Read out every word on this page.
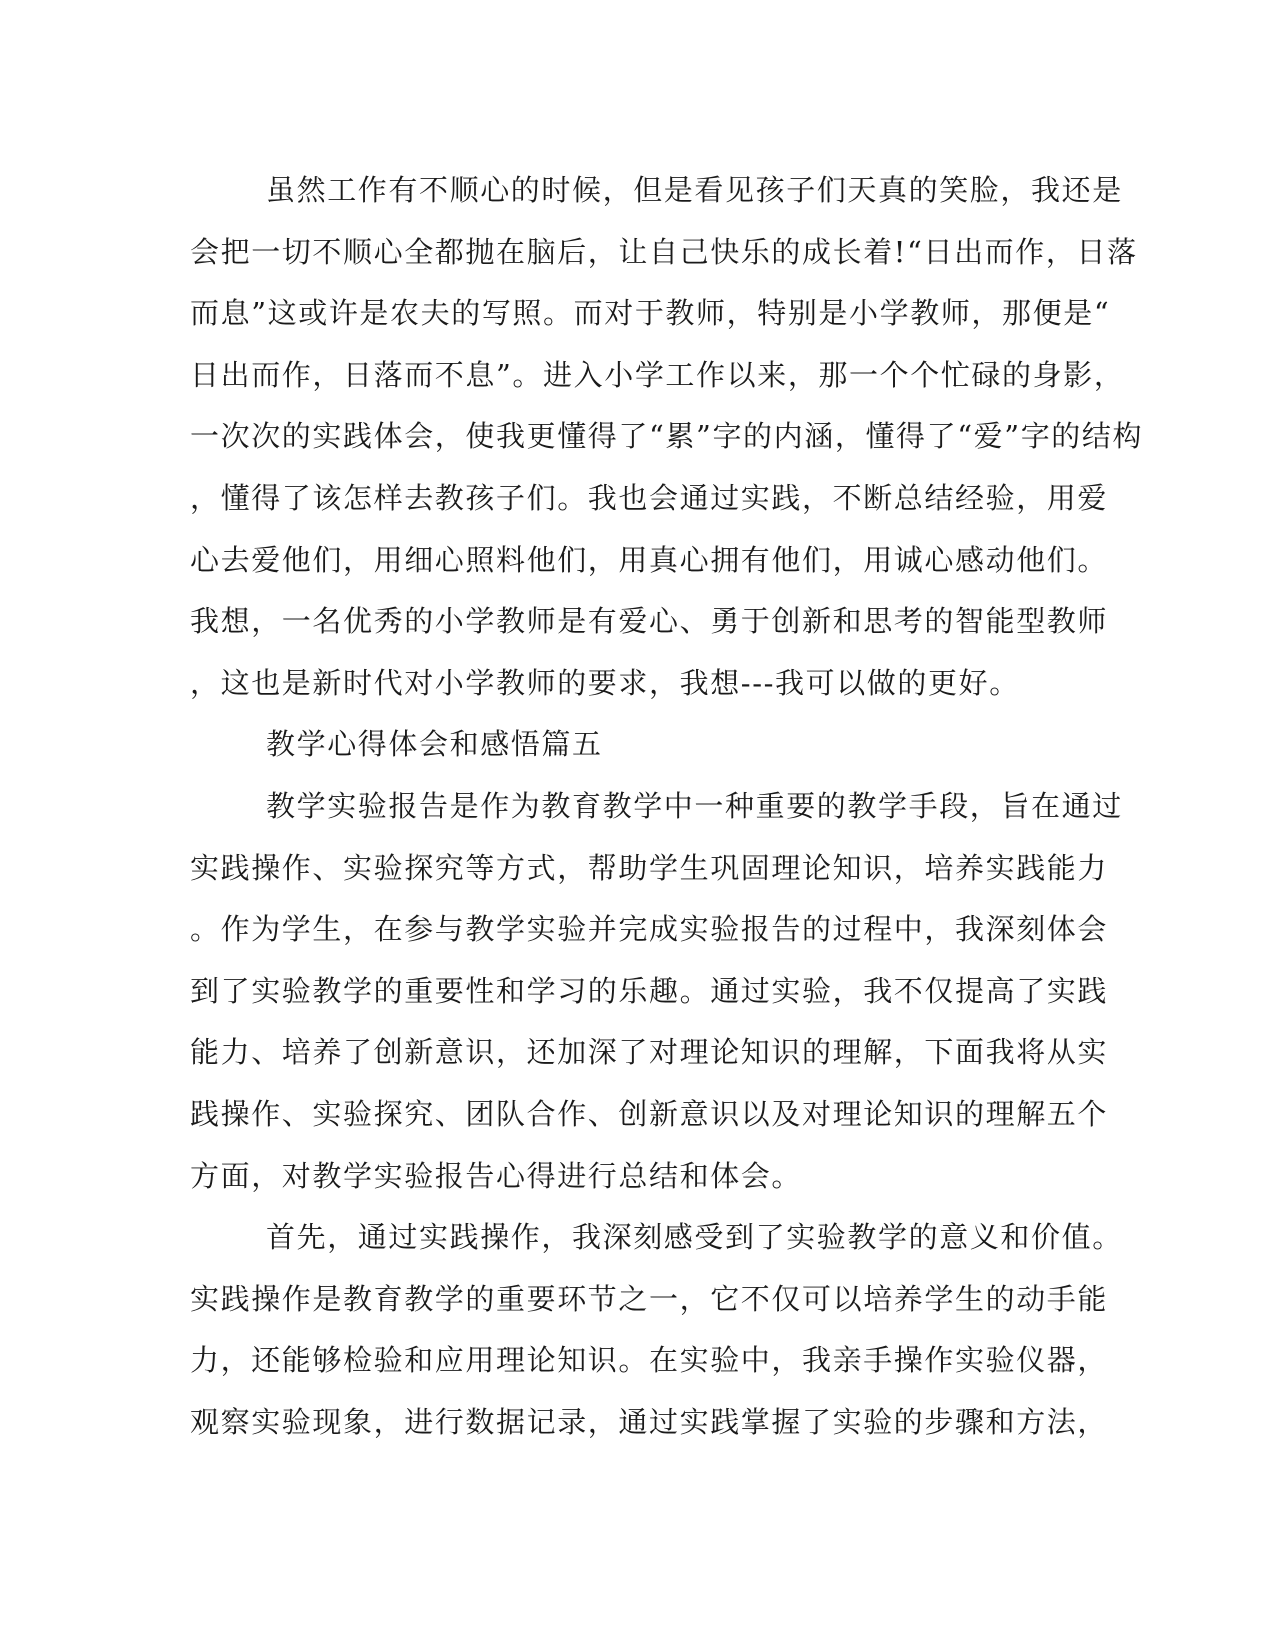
虽然工作有不顺心的时候，但是看见孩子们天真的笑脸，我还是
会把一切不顺心全都抛在脑后，让自己快乐的成长着!“日出而作，日落
而息”这或许是农夫的写照。而对于教师，特别是小学教师，那便是“
日出而作，日落而不息”。进入小学工作以来，那一个个忙碌的身影，
一次次的实践体会，使我更懂得了“累”字的内涵，懂得了“爱”字的结构
，懂得了该怎样去教孩子们。我也会通过实践，不断总结经验，用爱
心去爱他们，用细心照料他们，用真心拥有他们，用诚心感动他们。
我想，一名优秀的小学教师是有爱心、勇于创新和思考的智能型教师
，这也是新时代对小学教师的要求，我想---我可以做的更好。
教学心得体会和感悟篇五
教学实验报告是作为教育教学中一种重要的教学手段，旨在通过
实践操作、实验探究等方式，帮助学生巩固理论知识，培养实践能力
。作为学生，在参与教学实验并完成实验报告的过程中，我深刻体会
到了实验教学的重要性和学习的乐趣。通过实验，我不仅提高了实践
能力、培养了创新意识，还加深了对理论知识的理解，下面我将从实
践操作、实验探究、团队合作、创新意识以及对理论知识的理解五个
方面，对教学实验报告心得进行总结和体会。
首先，通过实践操作，我深刻感受到了实验教学的意义和价值。
实践操作是教育教学的重要环节之一，它不仅可以培养学生的动手能
力，还能够检验和应用理论知识。在实验中，我亲手操作实验仪器，
观察实验现象，进行数据记录，通过实践掌握了实验的步骤和方法，
